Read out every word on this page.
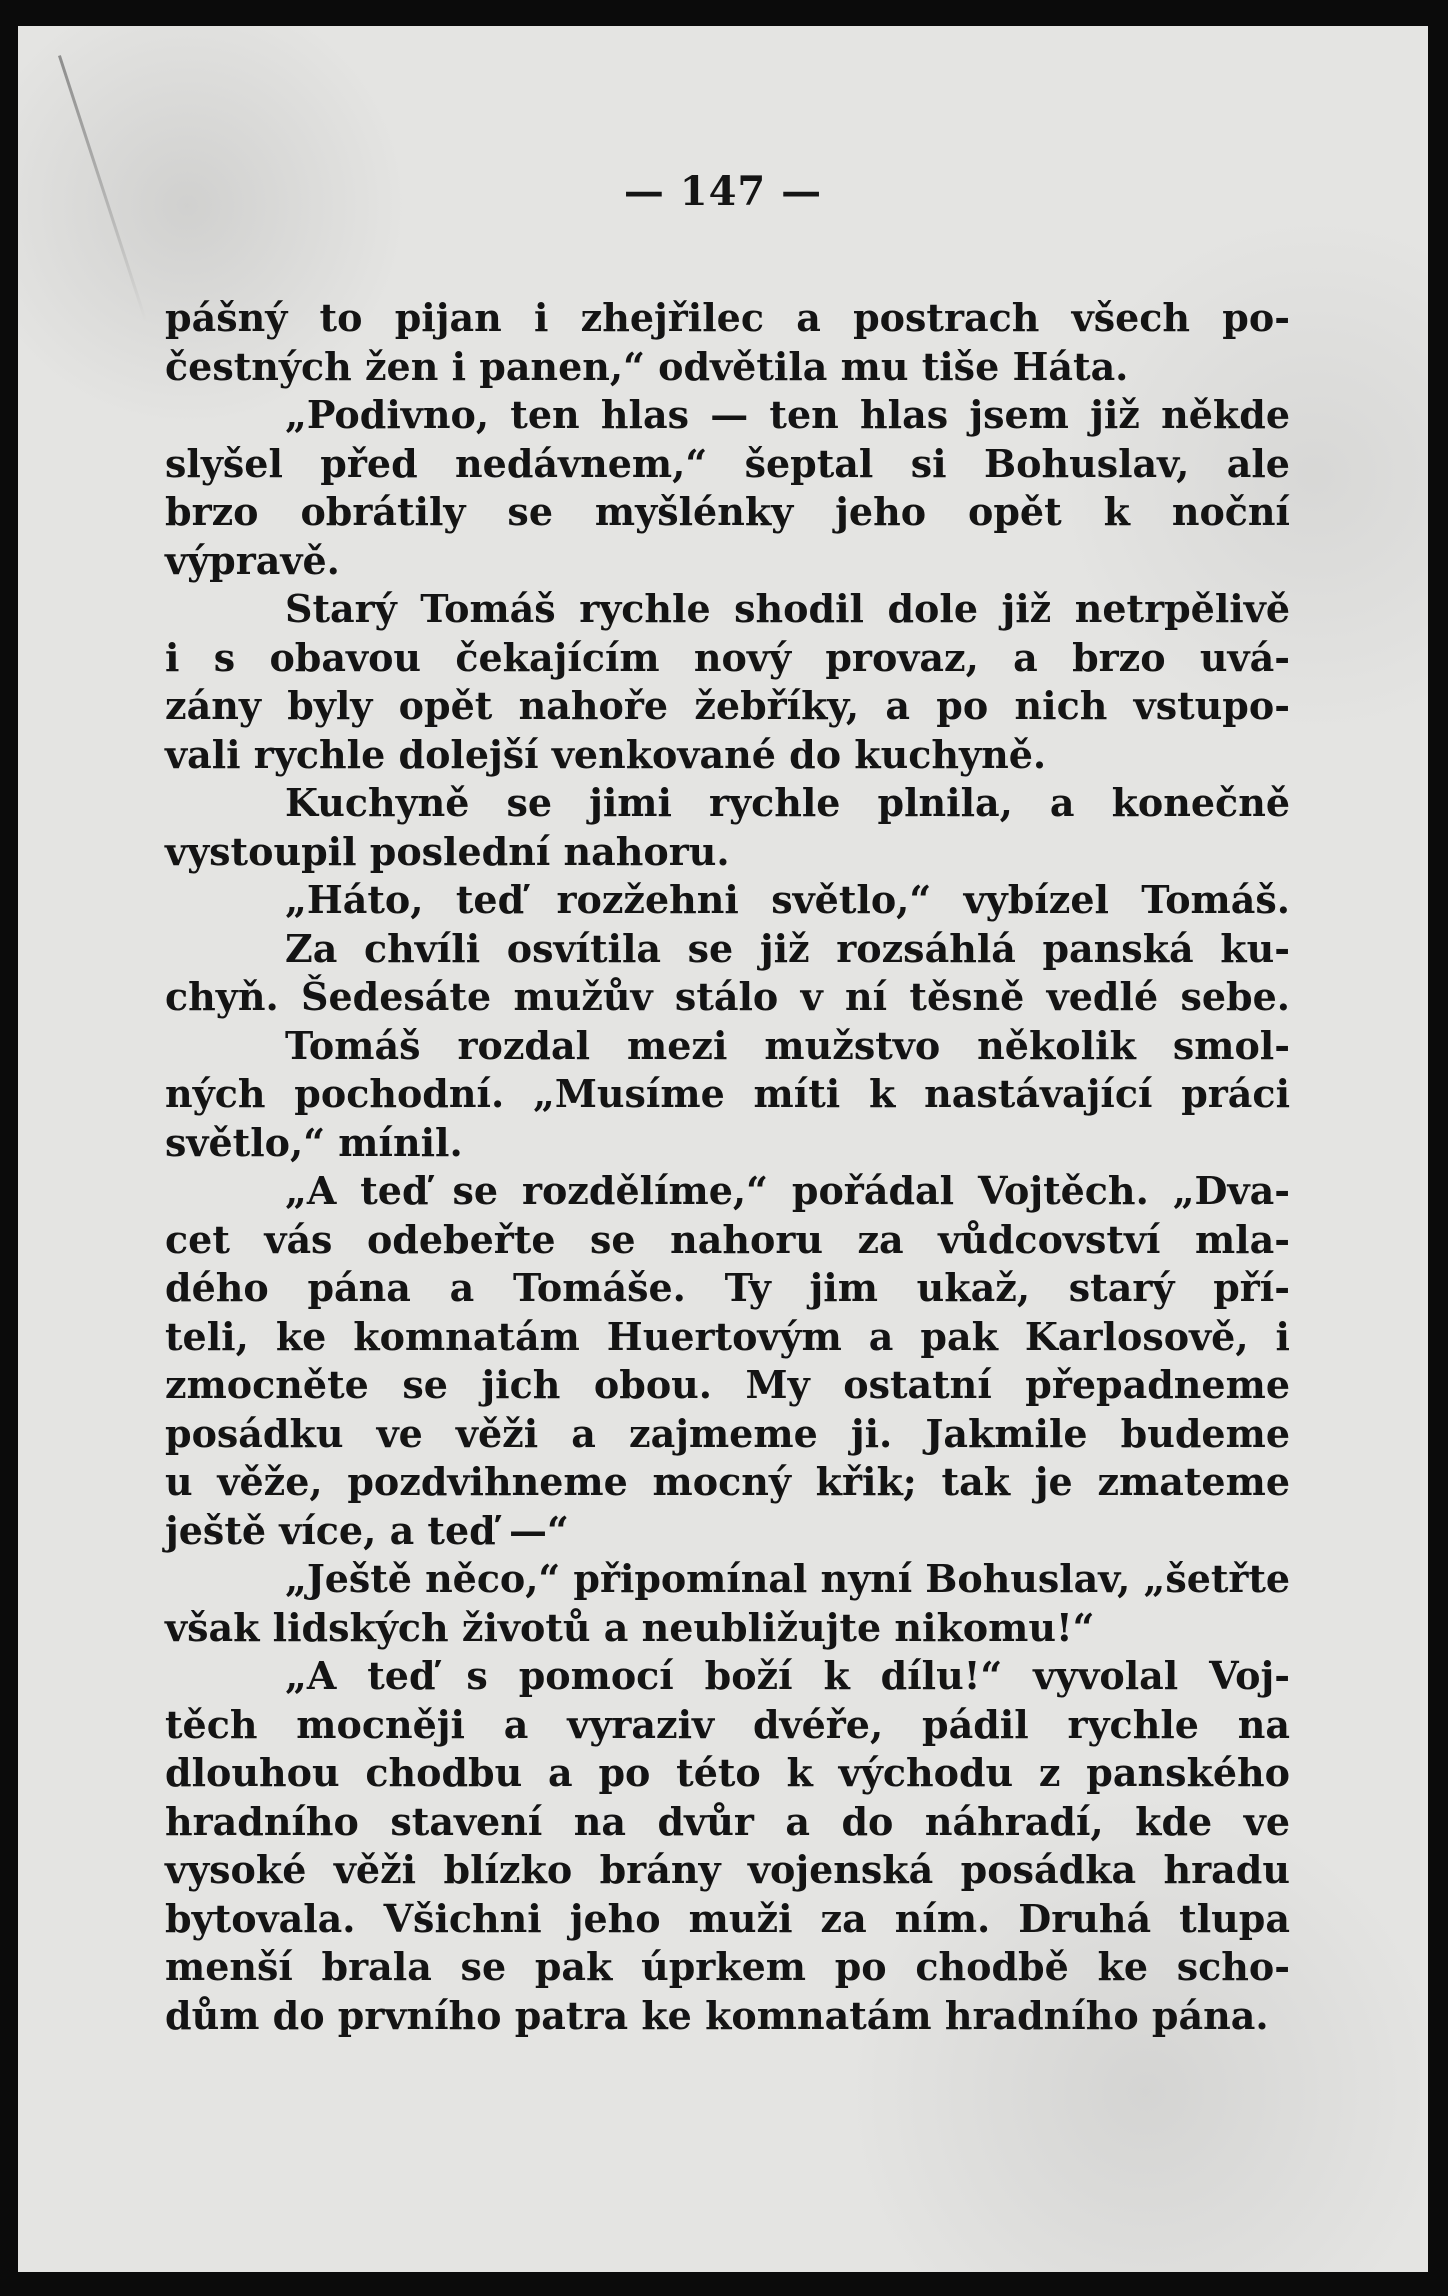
— 147 —
pášný to pijan i zhejřilec a postrach všech po-
čestných žen i panen,“ odvětila mu tiše Háta.
„Podivno, ten hlas — ten hlas jsem již někde
slyšel před nedávnem,“ šeptal si Bohuslav, ale
brzo obrátily se myšlénky jeho opět k noční
výpravě.
Starý Tomáš rychle shodil dole již netrpělivě
i s obavou čekajícím nový provaz, a brzo uvá-
zány byly opět nahoře žebříky, a po nich vstupo-
vali rychle dolejší venkované do kuchyně.
Kuchyně se jimi rychle plnila, a konečně
vystoupil poslední nahoru.
„Háto, teď rozžehni světlo,“ vybízel Tomáš.
Za chvíli osvítila se již rozsáhlá panská ku-
chyň. Šedesáte mužův stálo v ní těsně vedlé sebe.
Tomáš rozdal mezi mužstvo několik smol-
ných pochodní. „Musíme míti k nastávající práci
světlo,“ mínil.
„A teď se rozdělíme,“ pořádal Vojtěch. „Dva-
cet vás odebeřte se nahoru za vůdcovství mla-
dého pána a Tomáše. Ty jim ukaž, starý pří-
teli, ke komnatám Huertovým a pak Karlosově, i
zmocněte se jich obou. My ostatní přepadneme
posádku ve věži a zajmeme ji. Jakmile budeme
u věže, pozdvihneme mocný křik; tak je zmateme
ještě více, a teď —“
„Ještě něco,“ připomínal nyní Bohuslav, „šetřte
však lidských životů a neubližujte nikomu!“
„A teď s pomocí boží k dílu!“ vyvolal Voj-
těch mocněji a vyraziv dvéře, pádil rychle na
dlouhou chodbu a po této k východu z panského
hradního stavení na dvůr a do náhradí, kde ve
vysoké věži blízko brány vojenská posádka hradu
bytovala. Všichni jeho muži za ním. Druhá tlupa
menší brala se pak úprkem po chodbě ke scho-
dům do prvního patra ke komnatám hradního pána.
